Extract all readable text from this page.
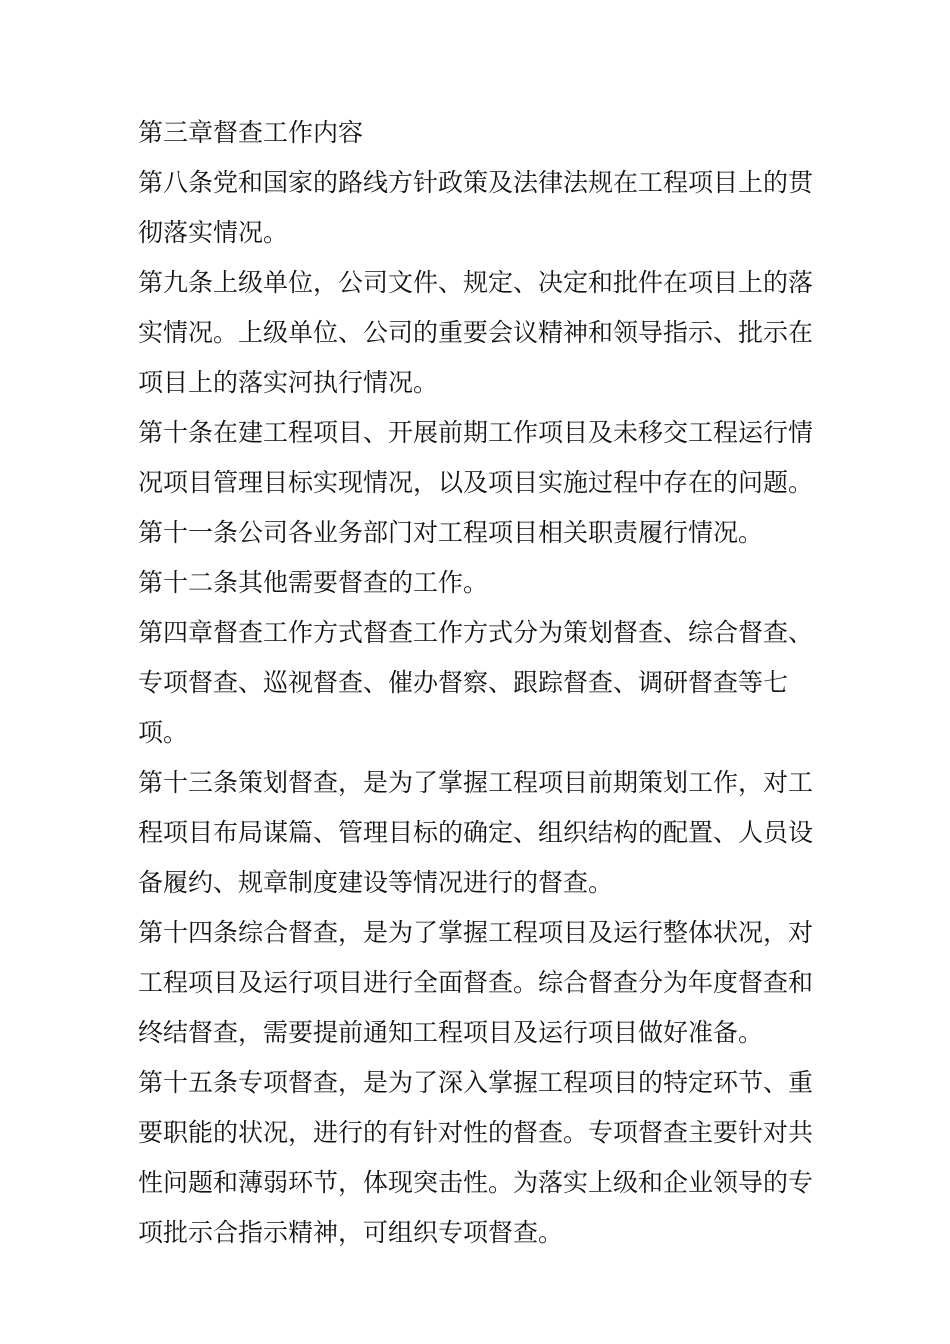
第三章督查工作内容

第八条党和国家的路线方针政策及法律法规在工程项目上的贯
彻落实情况。

第九条上级单位，公司文件、规定、决定和批件在项目上的落
实情况。上级单位、公司的重要会议精神和领导指示、批示在
项目上的落实河执行情况。

第十条在建工程项目、开展前期工作项目及未移交工程运行情
况项目管理目标实现情况，以及项目实施过程中存在的问题。

第十一条公司各业务部门对工程项目相关职责履行情况。

第十二条其他需要督查的工作。

第四章督查工作方式督查工作方式分为策划督查、综合督查、
专项督查、巡视督查、催办督察、跟踪督查、调研督查等七项。

第十三条策划督查，是为了掌握工程项目前期策划工作，对工
程项目布局谋篇、管理目标的确定、组织结构的配置、人员设
备履约、规章制度建设等情况进行的督查。

第十四条综合督查，是为了掌握工程项目及运行整体状况，对
工程项目及运行项目进行全面督查。综合督查分为年度督查和
终结督查，需要提前通知工程项目及运行项目做好准备。

第十五条专项督查，是为了深入掌握工程项目的特定环节、重
要职能的状况，进行的有针对性的督查。专项督查主要针对共
性问题和薄弱环节，体现突击性。为落实上级和企业领导的专
项批示合指示精神，可组织专项督查。
